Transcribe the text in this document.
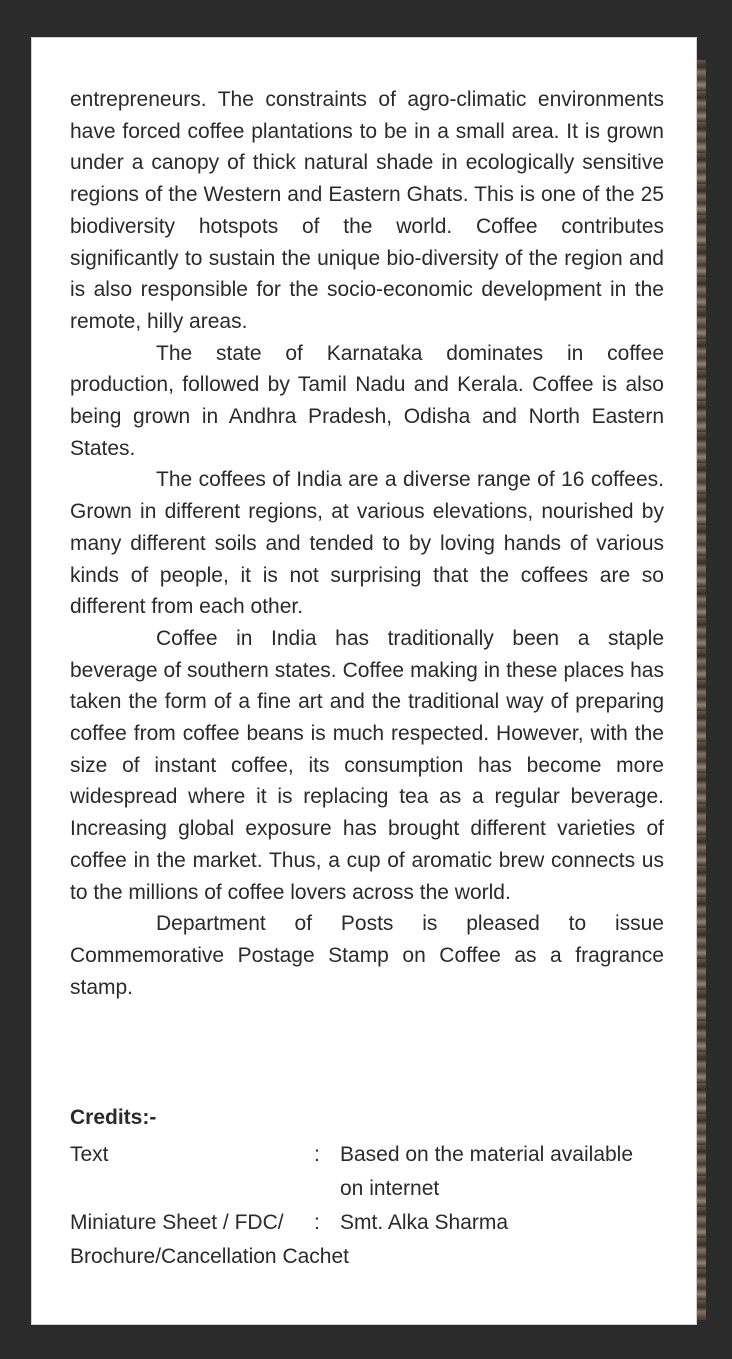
entrepreneurs. The constraints of agro-climatic environments have forced coffee plantations to be in a small area. It is grown under a canopy of thick natural shade in ecologically sensitive regions of the Western and Eastern Ghats. This is one of the 25 biodiversity hotspots of the world. Coffee contributes significantly to sustain the unique bio-diversity of the region and is also responsible for the socio-economic development in the remote, hilly areas.

The state of Karnataka dominates in coffee production, followed by Tamil Nadu and Kerala. Coffee is also being grown in Andhra Pradesh, Odisha and North Eastern States.

The coffees of India are a diverse range of 16 coffees. Grown in different regions, at various elevations, nourished by many different soils and tended to by loving hands of various kinds of people, it is not surprising that the coffees are so different from each other.

Coffee in India has traditionally been a staple beverage of southern states. Coffee making in these places has taken the form of a fine art and the traditional way of preparing coffee from coffee beans is much respected. However, with the size of instant coffee, its consumption has become more widespread where it is replacing tea as a regular beverage. Increasing global exposure has brought different varieties of coffee in the market. Thus, a cup of aromatic brew connects us to the millions of coffee lovers across the world.

Department of Posts is pleased to issue Commemorative Postage Stamp on Coffee as a fragrance stamp.

Credits:-
Text	: Based on the material available
on internet
Miniature Sheet / FDC/ : Smt. Alka Sharma
Brochure/Cancellation Cachet
